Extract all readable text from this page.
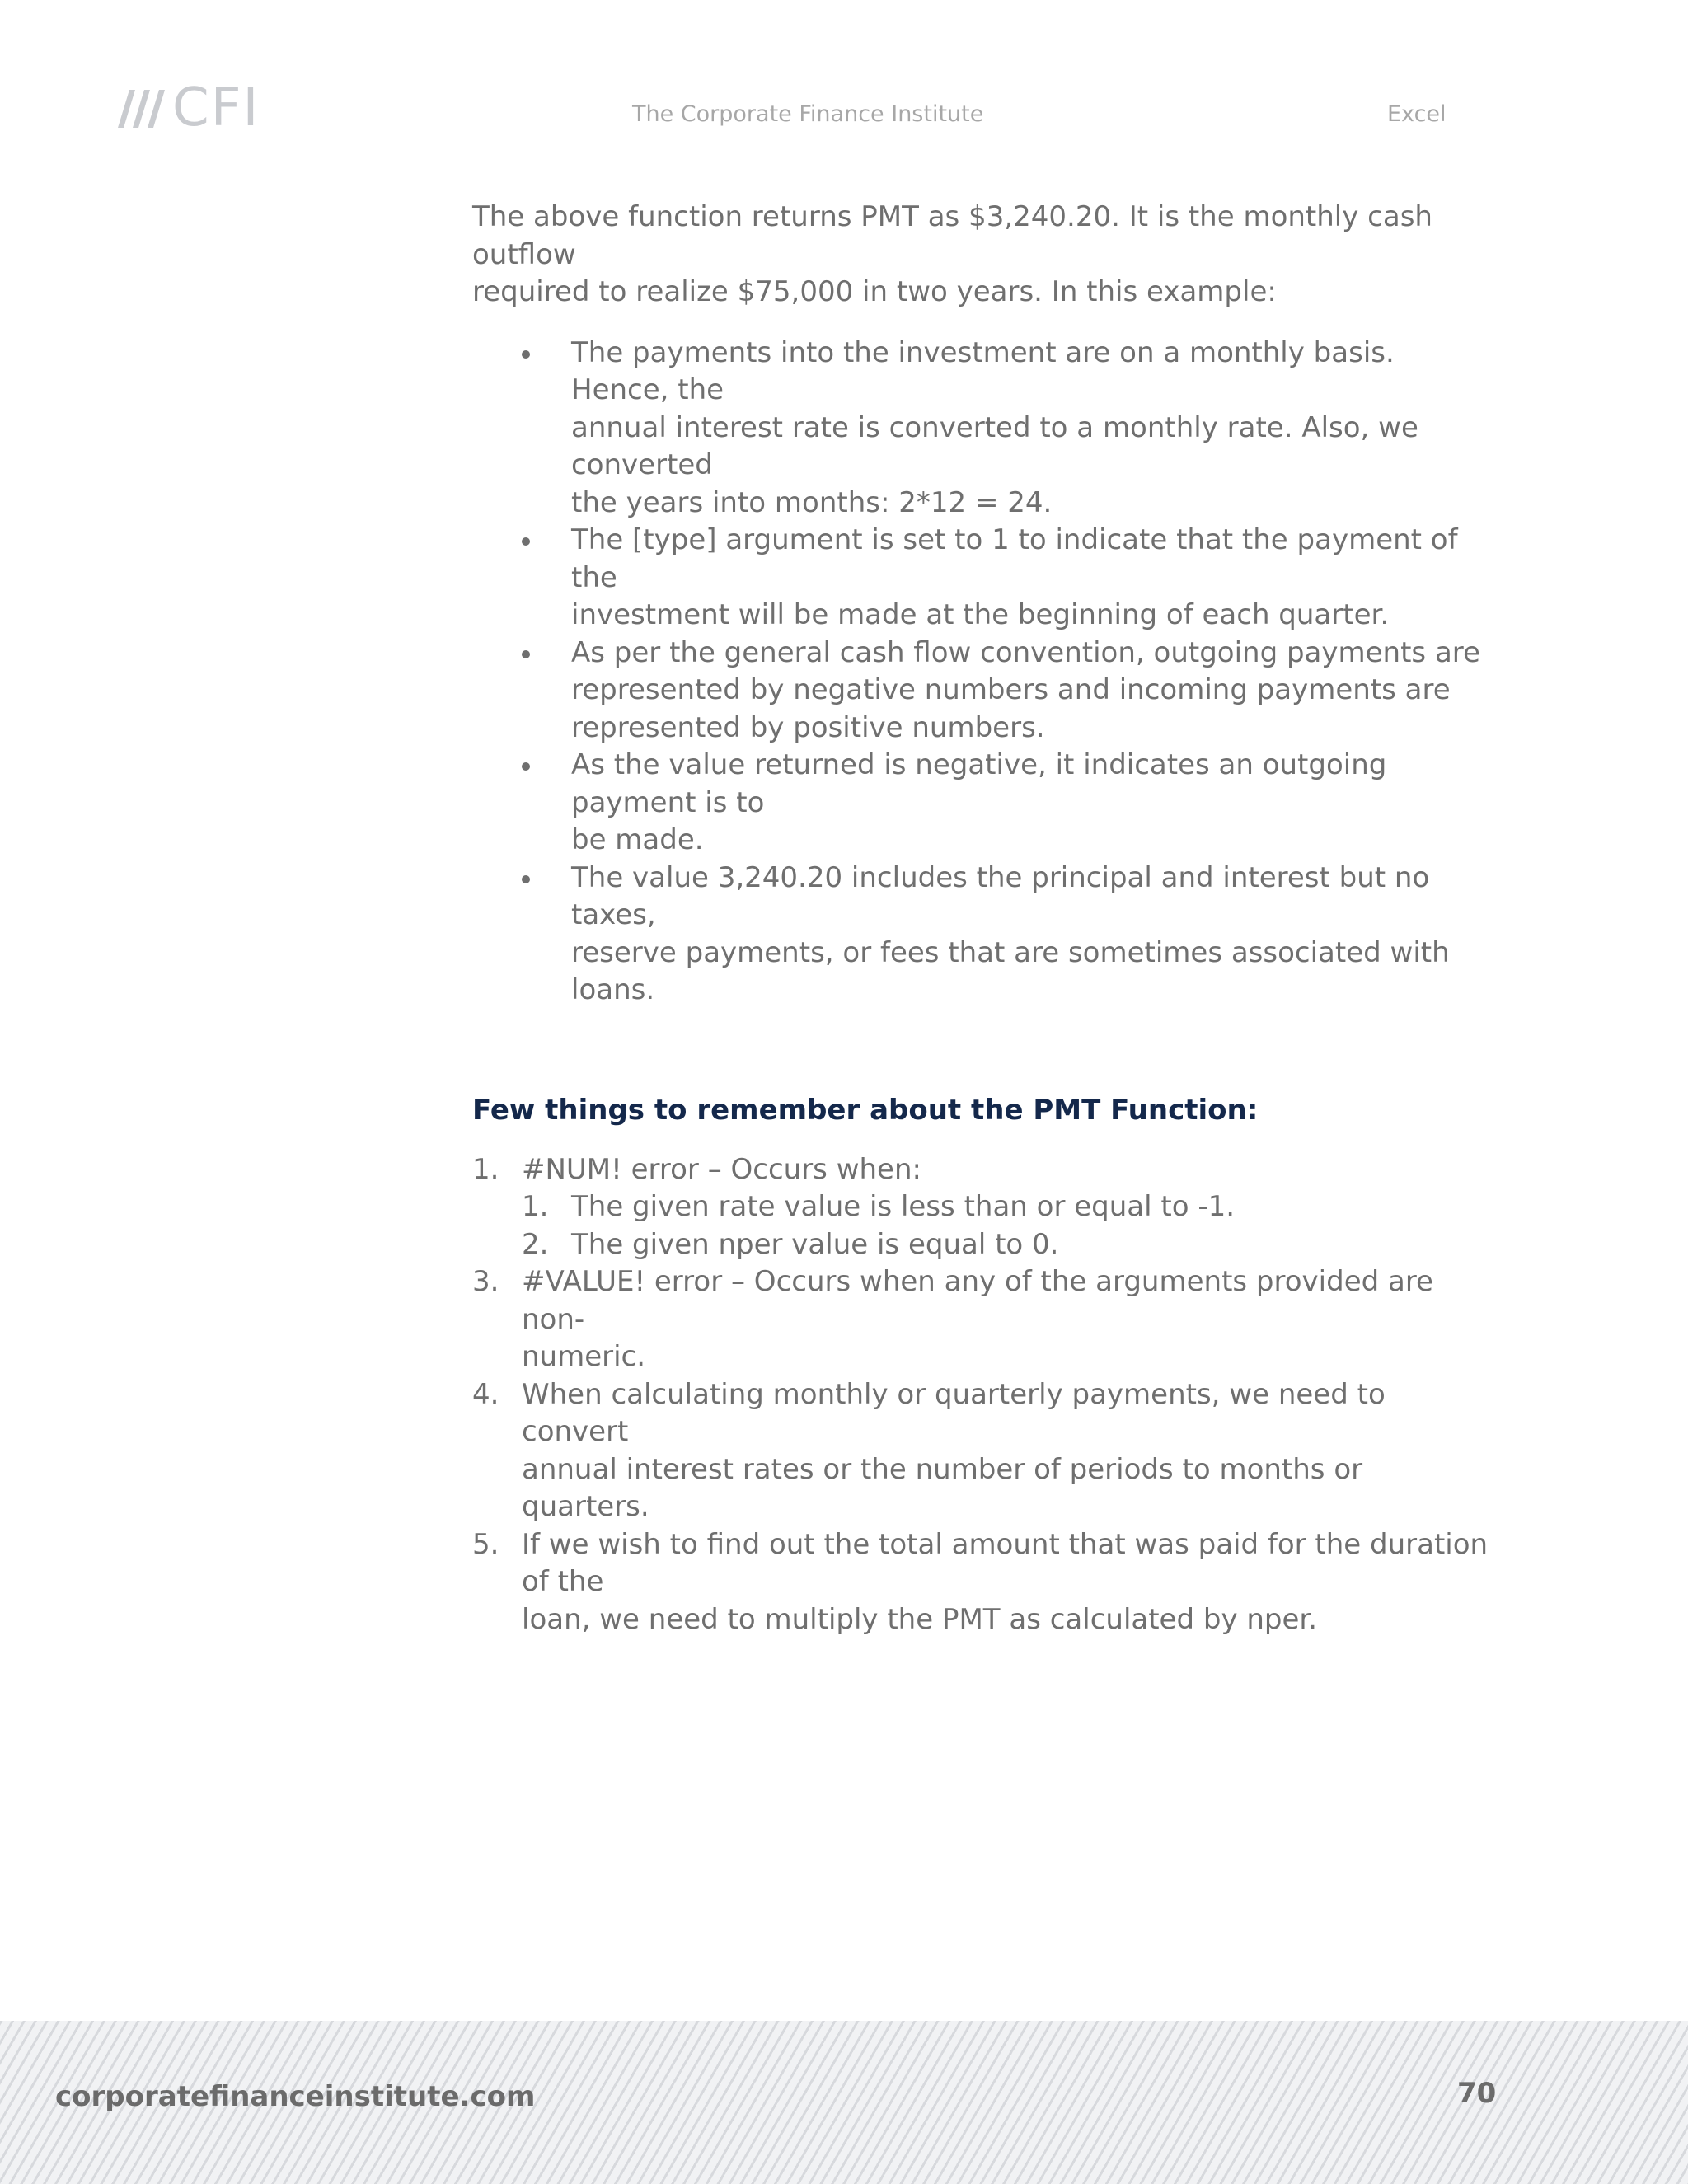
CFI	The Corporate Finance Institute	Excel

The above function returns PMT as $3,240.20. It is the monthly cash outflow
required to realize $75,000 in two years. In this example:

The payments into the investment are on a monthly basis. Hence, the
annual interest rate is converted to a monthly rate. Also, we converted
the years into months: 2*12 = 24.
The [type] argument is set to 1 to indicate that the payment of the
investment will be made at the beginning of each quarter.
As per the general cash flow convention, outgoing payments are
represented by negative numbers and incoming payments are
represented by positive numbers.
As the value returned is negative, it indicates an outgoing payment is to
be made.
The value 3,240.20 includes the principal and interest but no taxes,
reserve payments, or fees that are sometimes associated with loans.
Few things to remember about the PMT Function:
1. #NUM! error – Occurs when:
1. The given rate value is less than or equal to -1.
2. The given nper value is equal to 0.
3. #VALUE! error – Occurs when any of the arguments provided are non-
numeric.
4. When calculating monthly or quarterly payments, we need to convert
annual interest rates or the number of periods to months or quarters.
5. If we wish to find out the total amount that was paid for the duration of the
loan, we need to multiply the PMT as calculated by nper.
corporatefinanceinstitute.com	70
